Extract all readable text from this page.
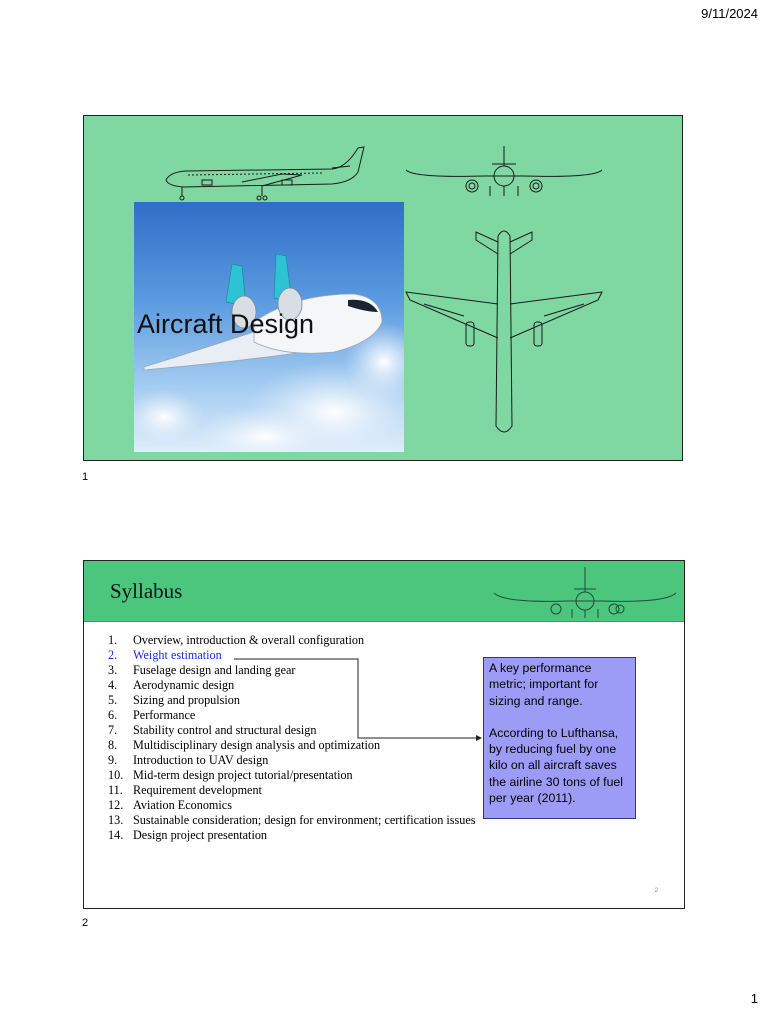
9/11/2024
Aircraft Design
1
Syllabus
1.	Overview, introduction & overall configuration
2.	Weight estimation
3.	Fuselage design and landing gear
4.	Aerodynamic design
5.	Sizing and propulsion
6.	Performance
7.	Stability control and structural design
8.	Multidisciplinary design analysis and optimization
9.	Introduction to UAV design
10. Mid-term design project tutorial/presentation
11. Requirement development
12. Aviation Economics
13. Sustainable consideration; design for environment; certification issues
14. Design project presentation

A key performance metric; important for sizing and range.

According to Lufthansa, by reducing fuel by one kilo on all aircraft saves the airline 30 tons of fuel per year (2011).

2
2
1
